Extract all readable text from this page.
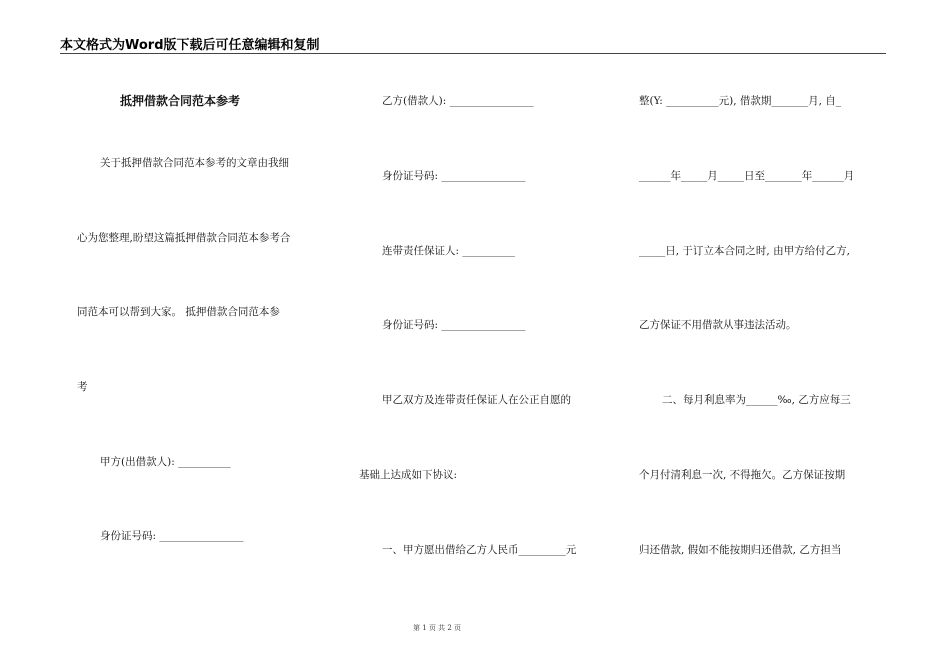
本文格式为Word版下载后可任意编辑和复制
抵押借款合同范本参考
关于抵押借款合同范本参考的文章由我细
心为您整理,盼望这篇抵押借款合同范本参考合
同范本可以帮到大家。 抵押借款合同范本参
考
甲方(出借款人): __________
身份证号码: ________________
乙方(借款人): ________________
身份证号码: ________________
连带责任保证人: __________
身份证号码: ________________
甲乙双方及连带责任保证人在公正自愿的
基础上达成如下协议:
一、甲方愿出借给乙方人民币_________元
整(Y: __________元), 借款期_______月, 自_
______年_____月_____日至_______年______月
_____日, 于订立本合同之时, 由甲方给付乙方,
乙方保证不用借款从事违法活动。
二、每月利息率为______‰, 乙方应每三
个月付清利息一次, 不得拖欠。乙方保证按期
归还借款, 假如不能按期归还借款, 乙方担当
第 1 页 共 2 页
